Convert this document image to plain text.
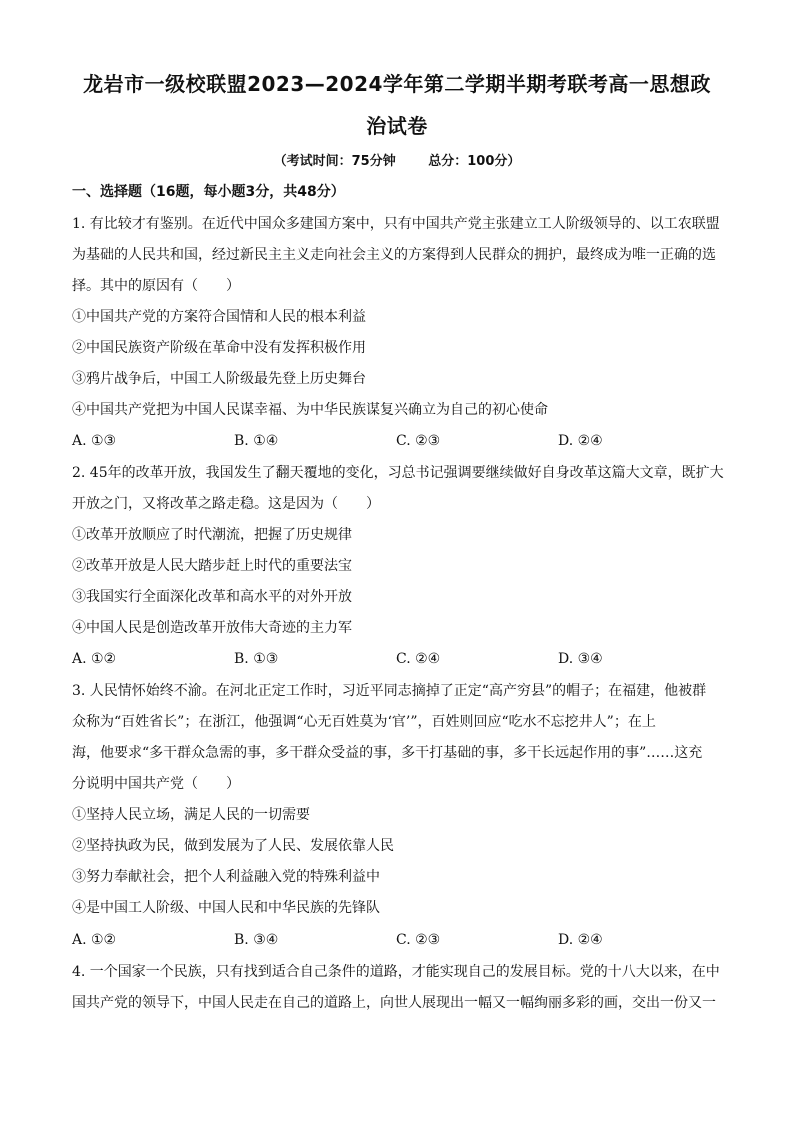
龙岩市一级校联盟2023—2024学年第二学期半期考联考高一思想政
治试卷
（考试时间：75分钟	总分：100分）
一、选择题（16题，每小题3分，共48分）
1. 有比较才有鉴别。在近代中国众多建国方案中，只有中国共产党主张建立工人阶级领导的、以工农联盟
为基础的人民共和国，经过新民主主义走向社会主义的方案得到人民群众的拥护，最终成为唯一正确的选
择。其中的原因有（　　）
①中国共产党的方案符合国情和人民的根本利益
②中国民族资产阶级在革命中没有发挥积极作用
③鸦片战争后，中国工人阶级最先登上历史舞台
④中国共产党把为中国人民谋幸福、为中华民族谋复兴确立为自己的初心使命
A. ①③	B. ①④	C. ②③	D. ②④
2. 45年的改革开放，我国发生了翻天覆地的变化，习总书记强调要继续做好自身改革这篇大文章，既扩大
开放之门，又将改革之路走稳。这是因为（　　）
①改革开放顺应了时代潮流，把握了历史规律
②改革开放是人民大踏步赶上时代的重要法宝
③我国实行全面深化改革和高水平的对外开放
④中国人民是创造改革开放伟大奇迹的主力军
A. ①②	B. ①③	C. ②④	D. ③④
3. 人民情怀始终不渝。在河北正定工作时，习近平同志摘掉了正定“高产穷县”的帽子；在福建，他被群
众称为“百姓省长”；在浙江，他强调“心无百姓莫为‘官’”，百姓则回应“吃水不忘挖井人”；在上
海，他要求“多干群众急需的事，多干群众受益的事，多干打基础的事，多干长远起作用的事”……这充
分说明中国共产党（　　）
①坚持人民立场，满足人民的一切需要
②坚持执政为民，做到发展为了人民、发展依靠人民
③努力奉献社会，把个人利益融入党的特殊利益中
④是中国工人阶级、中国人民和中华民族的先锋队
A. ①②	B. ③④	C. ②③	D. ②④
4. 一个国家一个民族，只有找到适合自己条件的道路，才能实现自己的发展目标。党的十八大以来，在中
国共产党的领导下，中国人民走在自己的道路上，向世人展现出一幅又一幅绚丽多彩的画，交出一份又一
